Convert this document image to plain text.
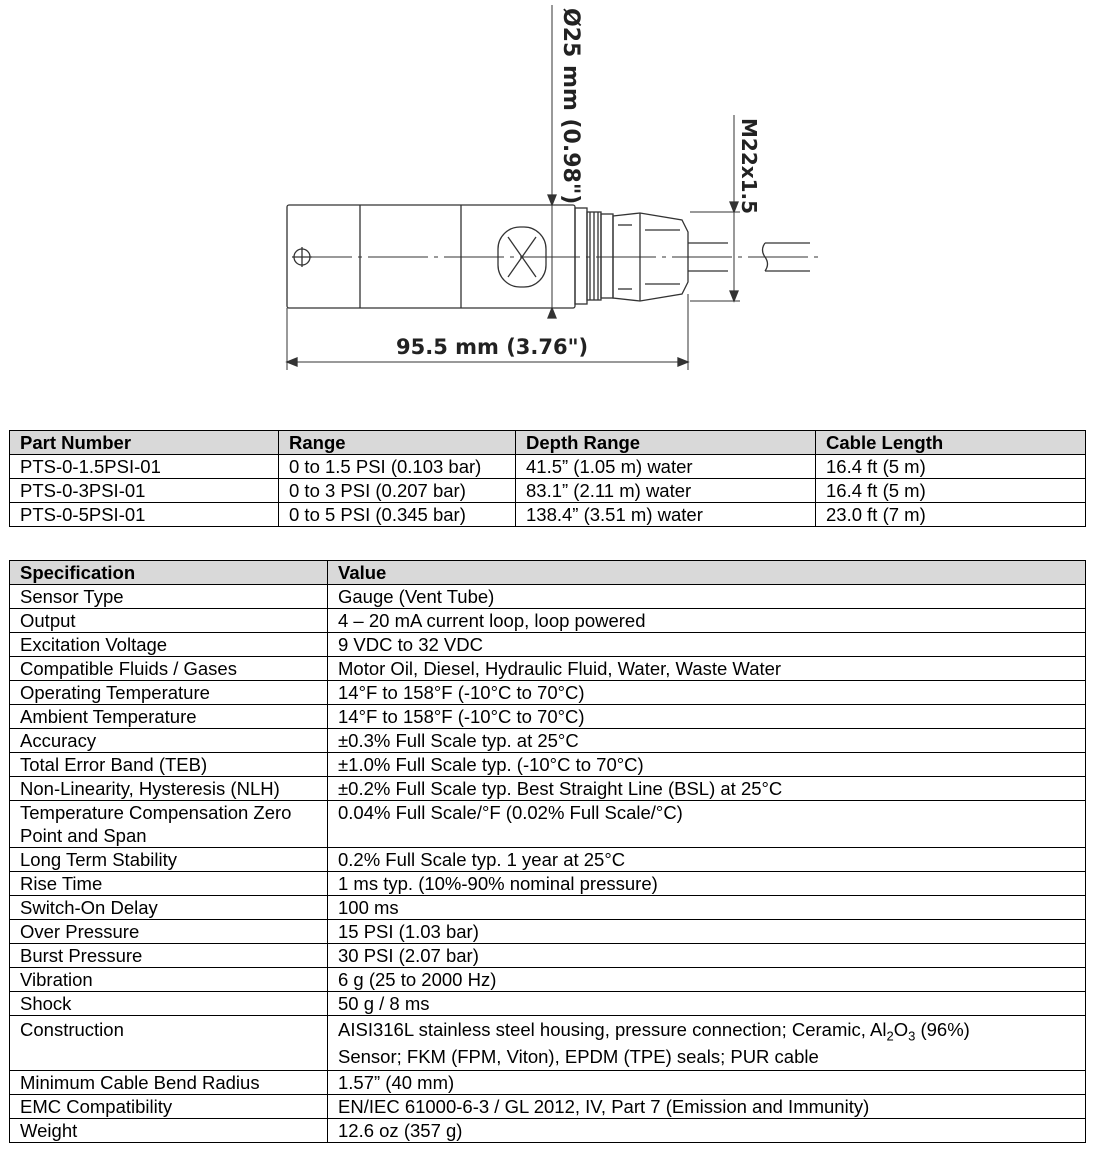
Ø25 mm (0.98")	M22x1.5
95.5 mm (3.76")
Part Number	Range	Depth Range	Cable Length
PTS-0-1.5PSI-01	0 to 1.5 PSI (0.103 bar)	41.5” (1.05 m) water	16.4 ft (5 m)
PTS-0-3PSI-01	0 to 3 PSI (0.207 bar)	83.1” (2.11 m) water	16.4 ft (5 m)
PTS-0-5PSI-01	0 to 5 PSI (0.345 bar)	138.4” (3.51 m) water	23.0 ft (7 m)
Specification	Value
Sensor Type	Gauge (Vent Tube)
Output	4 – 20 mA current loop, loop powered
Excitation Voltage	9 VDC to 32 VDC
Compatible Fluids / Gases	Motor Oil, Diesel, Hydraulic Fluid, Water, Waste Water
Operating Temperature	14°F to 158°F (-10°C to 70°C)
Ambient Temperature	14°F to 158°F (-10°C to 70°C)
Accuracy	±0.3% Full Scale typ. at 25°C
Total Error Band (TEB)	±1.0% Full Scale typ. (-10°C to 70°C)
Non-Linearity, Hysteresis (NLH)	±0.2% Full Scale typ. Best Straight Line (BSL) at 25°C
Temperature Compensation Zero Point and Span	0.04% Full Scale/°F (0.02% Full Scale/°C)
Long Term Stability	0.2% Full Scale typ. 1 year at 25°C
Rise Time	1 ms typ. (10%-90% nominal pressure)
Switch-On Delay	100 ms
Over Pressure	15 PSI (1.03 bar)
Burst Pressure	30 PSI (2.07 bar)
Vibration	6 g (25 to 2000 Hz)
Shock	50 g / 8 ms
Construction	AISI316L stainless steel housing, pressure connection; Ceramic, $Al_2O_3$ (96%)
Sensor; FKM (FPM, Viton), EPDM (TPE) seals; PUR cable
Minimum Cable Bend Radius	1.57” (40 mm)
EMC Compatibility	EN/IEC 61000-6-3 / GL 2012, IV, Part 7 (Emission and Immunity)
Weight	12.6 oz (357 g)
